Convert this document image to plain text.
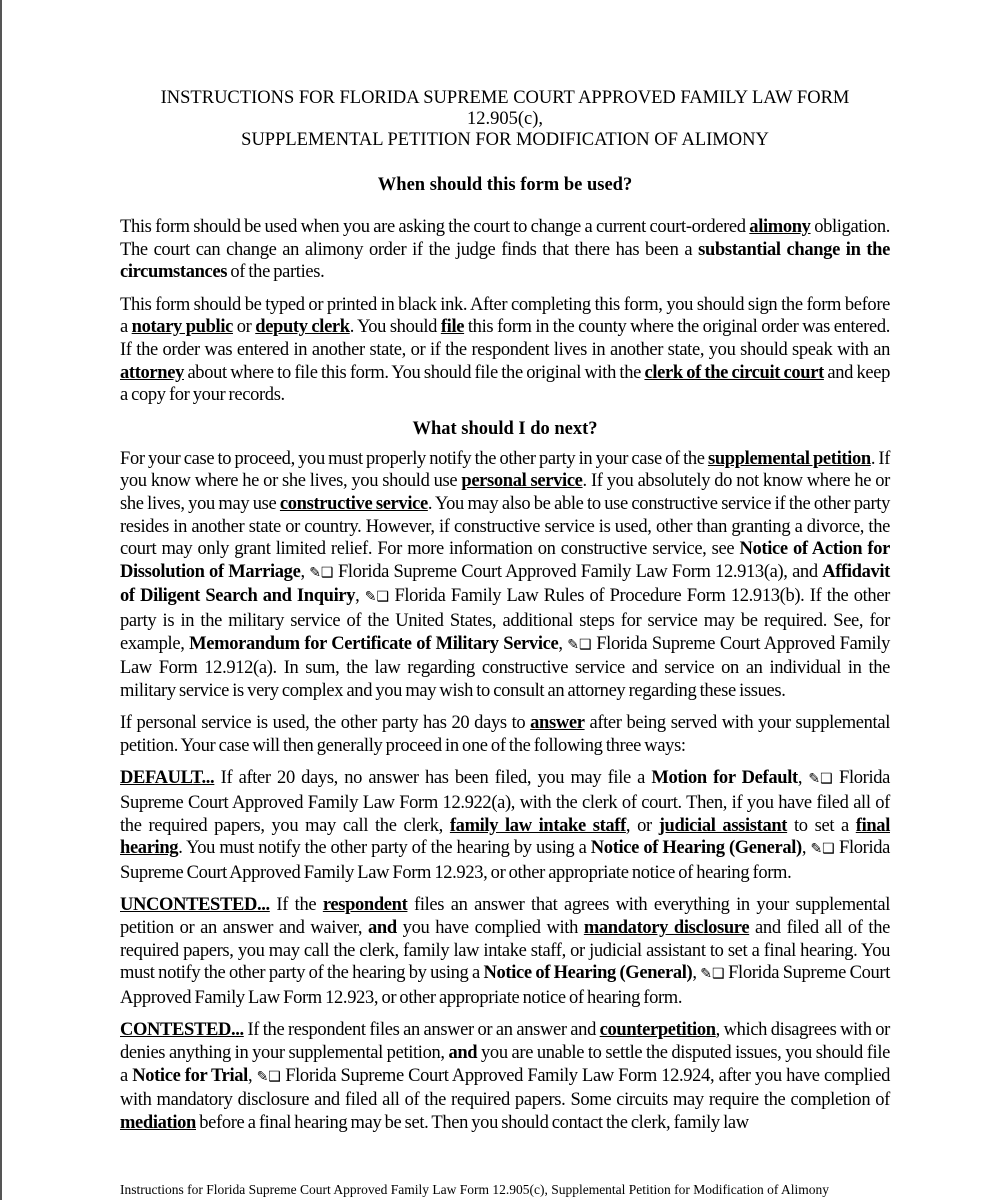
INSTRUCTIONS FOR FLORIDA SUPREME COURT APPROVED FAMILY LAW FORM
12.905(c),
SUPPLEMENTAL PETITION FOR MODIFICATION OF ALIMONY
When should this form be used?

This form should be used when you are asking the court to change a current court-ordered alimony obligation. The court can change an alimony order if the judge finds that there has been a substantial change in the circumstances of the parties.

This form should be typed or printed in black ink. After completing this form, you should sign the form before a notary public or deputy clerk. You should file this form in the county where the original order was entered. If the order was entered in another state, or if the respondent lives in another state, you should speak with an attorney about where to file this form. You should file the original with the clerk of the circuit court and keep a copy for your records.

What should I do next?

For your case to proceed, you must properly notify the other party in your case of the supplemental petition. If you know where he or she lives, you should use personal service. If you absolutely do not know where he or she lives, you may use constructive service. You may also be able to use constructive service if the other party resides in another state or country. However, if constructive service is used, other than granting a divorce, the court may only grant limited relief. For more information on constructive service, see Notice of Action for Dissolution of Marriage, ✎❑ Florida Supreme Court Approved Family Law Form 12.913(a), and Affidavit of Diligent Search and Inquiry, ✎❑ Florida Family Law Rules of Procedure Form 12.913(b). If the other party is in the military service of the United States, additional steps for service may be required. See, for example, Memorandum for Certificate of Military Service, ✎❑ Florida Supreme Court Approved Family Law Form 12.912(a). In sum, the law regarding constructive service and service on an individual in the military service is very complex and you may wish to consult an attorney regarding these issues.

If personal service is used, the other party has 20 days to answer after being served with your supplemental petition. Your case will then generally proceed in one of the following three ways:

DEFAULT... If after 20 days, no answer has been filed, you may file a Motion for Default, ✎❑ Florida Supreme Court Approved Family Law Form 12.922(a), with the clerk of court. Then, if you have filed all of the required papers, you may call the clerk, family law intake staff, or judicial assistant to set a final hearing. You must notify the other party of the hearing by using a Notice of Hearing (General), ✎❑ Florida Supreme Court Approved Family Law Form 12.923, or other appropriate notice of hearing form.

UNCONTESTED... If the respondent files an answer that agrees with everything in your supplemental petition or an answer and waiver, and you have complied with mandatory disclosure and filed all of the required papers, you may call the clerk, family law intake staff, or judicial assistant to set a final hearing. You must notify the other party of the hearing by using a Notice of Hearing (General), ✎❑ Florida Supreme Court Approved Family Law Form 12.923, or other appropriate notice of hearing form.

CONTESTED... If the respondent files an answer or an answer and counterpetition, which disagrees with or denies anything in your supplemental petition, and you are unable to settle the disputed issues, you should file a Notice for Trial, ✎❑ Florida Supreme Court Approved Family Law Form 12.924, after you have complied with mandatory disclosure and filed all of the required papers. Some circuits may require the completion of mediation before a final hearing may be set. Then you should contact the clerk, family law

Instructions for Florida Supreme Court Approved Family Law Form 12.905(c), Supplemental Petition for Modification of Alimony
